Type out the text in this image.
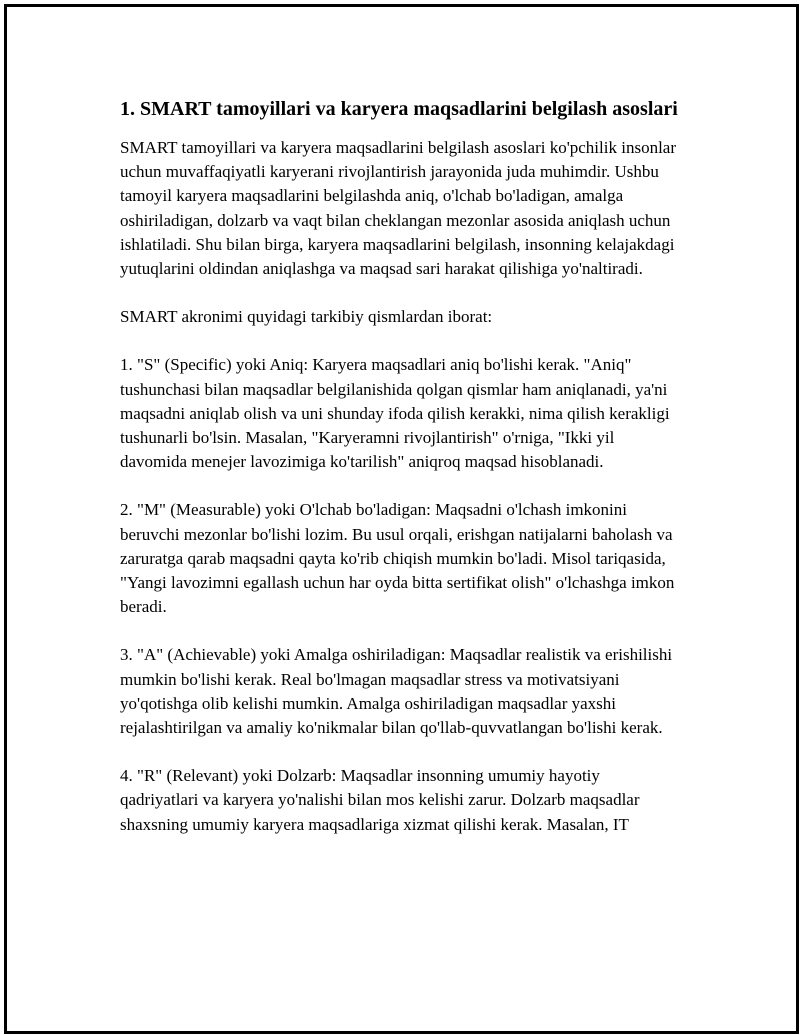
1. SMART tamoyillari va karyera maqsadlarini belgilash asoslari

SMART tamoyillari va karyera maqsadlarini belgilash asoslari ko'pchilik insonlar uchun muvaffaqiyatli karyerani rivojlantirish jarayonida juda muhimdir. Ushbu tamoyil karyera maqsadlarini belgilashda aniq, o'lchab bo'ladigan, amalga oshiriladigan, dolzarb va vaqt bilan cheklangan mezonlar asosida aniqlash uchun ishlatiladi. Shu bilan birga, karyera maqsadlarini belgilash, insonning kelajakdagi yutuqlarini oldindan aniqlashga va maqsad sari harakat qilishiga yo'naltiradi.

SMART akronimi quyidagi tarkibiy qismlardan iborat:

1. "S" (Specific) yoki Aniq: Karyera maqsadlari aniq bo'lishi kerak. "Aniq" tushunchasi bilan maqsadlar belgilanishida qolgan qismlar ham aniqlanadi, ya'ni maqsadni aniqlab olish va uni shunday ifoda qilish kerakki, nima qilish kerakligi tushunarli bo'lsin. Masalan, "Karyeramni rivojlantirish" o'rniga, "Ikki yil davomida menejer lavozimiga ko'tarilish" aniqroq maqsad hisoblanadi.

2. "M" (Measurable) yoki O'lchab bo'ladigan: Maqsadni o'lchash imkonini beruvchi mezonlar bo'lishi lozim. Bu usul orqali, erishgan natijalarni baholash va zaruratga qarab maqsadni qayta ko'rib chiqish mumkin bo'ladi. Misol tariqasida, "Yangi lavozimni egallash uchun har oyda bitta sertifikat olish" o'lchashga imkon beradi.

3. "A" (Achievable) yoki Amalga oshiriladigan: Maqsadlar realistik va erishilishi mumkin bo'lishi kerak. Real bo'lmagan maqsadlar stress va motivatsiyani yo'qotishga olib kelishi mumkin. Amalga oshiriladigan maqsadlar yaxshi rejalashtirilgan va amaliy ko'nikmalar bilan qo'llab-quvvatlangan bo'lishi kerak.

4. "R" (Relevant) yoki Dolzarb: Maqsadlar insonning umumiy hayotiy qadriyatlari va karyera yo'nalishi bilan mos kelishi zarur. Dolzarb maqsadlar shaxsning umumiy karyera maqsadlariga xizmat qilishi kerak. Masalan, IT
